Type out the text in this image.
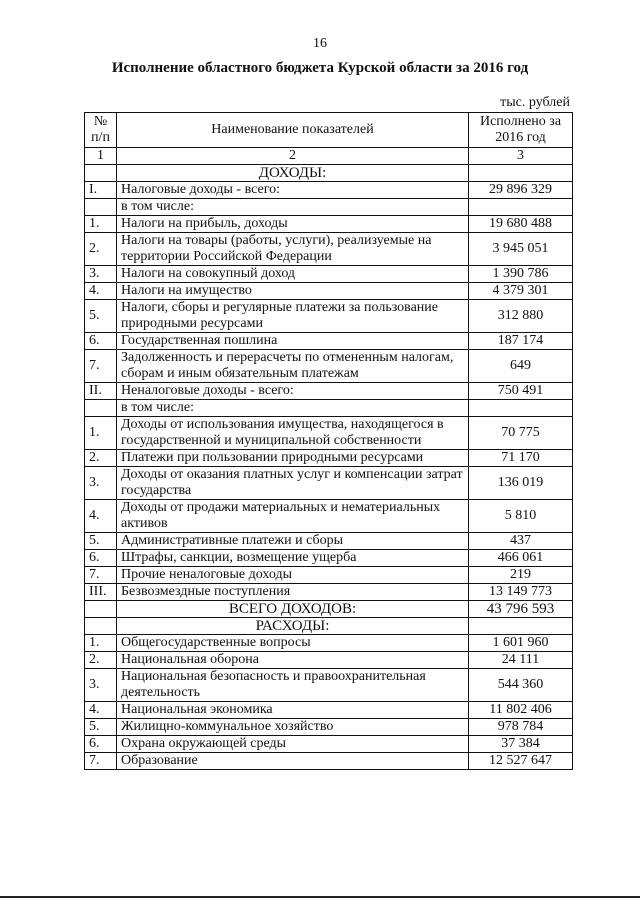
16
Исполнение областного бюджета Курской области за 2016 год
тыс. рублей
№ п/п	Наименование показателей	Исполнено за 2016 год
1	2	3
	ДОХОДЫ:	
I.	Налоговые доходы - всего:	29 896 329
	в том числе:	
1.	Налоги на прибыль, доходы	19 680 488
2.	Налоги на товары (работы, услуги), реализуемые на территории Российской Федерации	3 945 051
3.	Налоги на совокупный доход	1 390 786
4.	Налоги на имущество	4 379 301
5.	Налоги, сборы и регулярные платежи за пользование природными ресурсами	312 880
6.	Государственная пошлина	187 174
7.	Задолженность и перерасчеты по отмененным налогам, сборам и иным обязательным платежам	649
II.	Неналоговые доходы - всего:	750 491
	в том числе:	
1.	Доходы от использования имущества, находящегося в государственной и муниципальной собственности	70 775
2.	Платежи при пользовании природными ресурсами	71 170
3.	Доходы от оказания платных услуг и компенсации затрат государства	136 019
4.	Доходы от продажи материальных и нематериальных активов	5 810
5.	Административные платежи и сборы	437
6.	Штрафы, санкции, возмещение ущерба	466 061
7.	Прочие неналоговые доходы	219
III.	Безвозмездные поступления	13 149 773
	ВСЕГО ДОХОДОВ:	43 796 593
	РАСХОДЫ:	
1.	Общегосударственные вопросы	1 601 960
2.	Национальная оборона	24 111
3.	Национальная безопасность и правоохранительная деятельность	544 360
4.	Национальная экономика	11 802 406
5.	Жилищно-коммунальное хозяйство	978 784
6.	Охрана окружающей среды	37 384
7.	Образование	12 527 647
